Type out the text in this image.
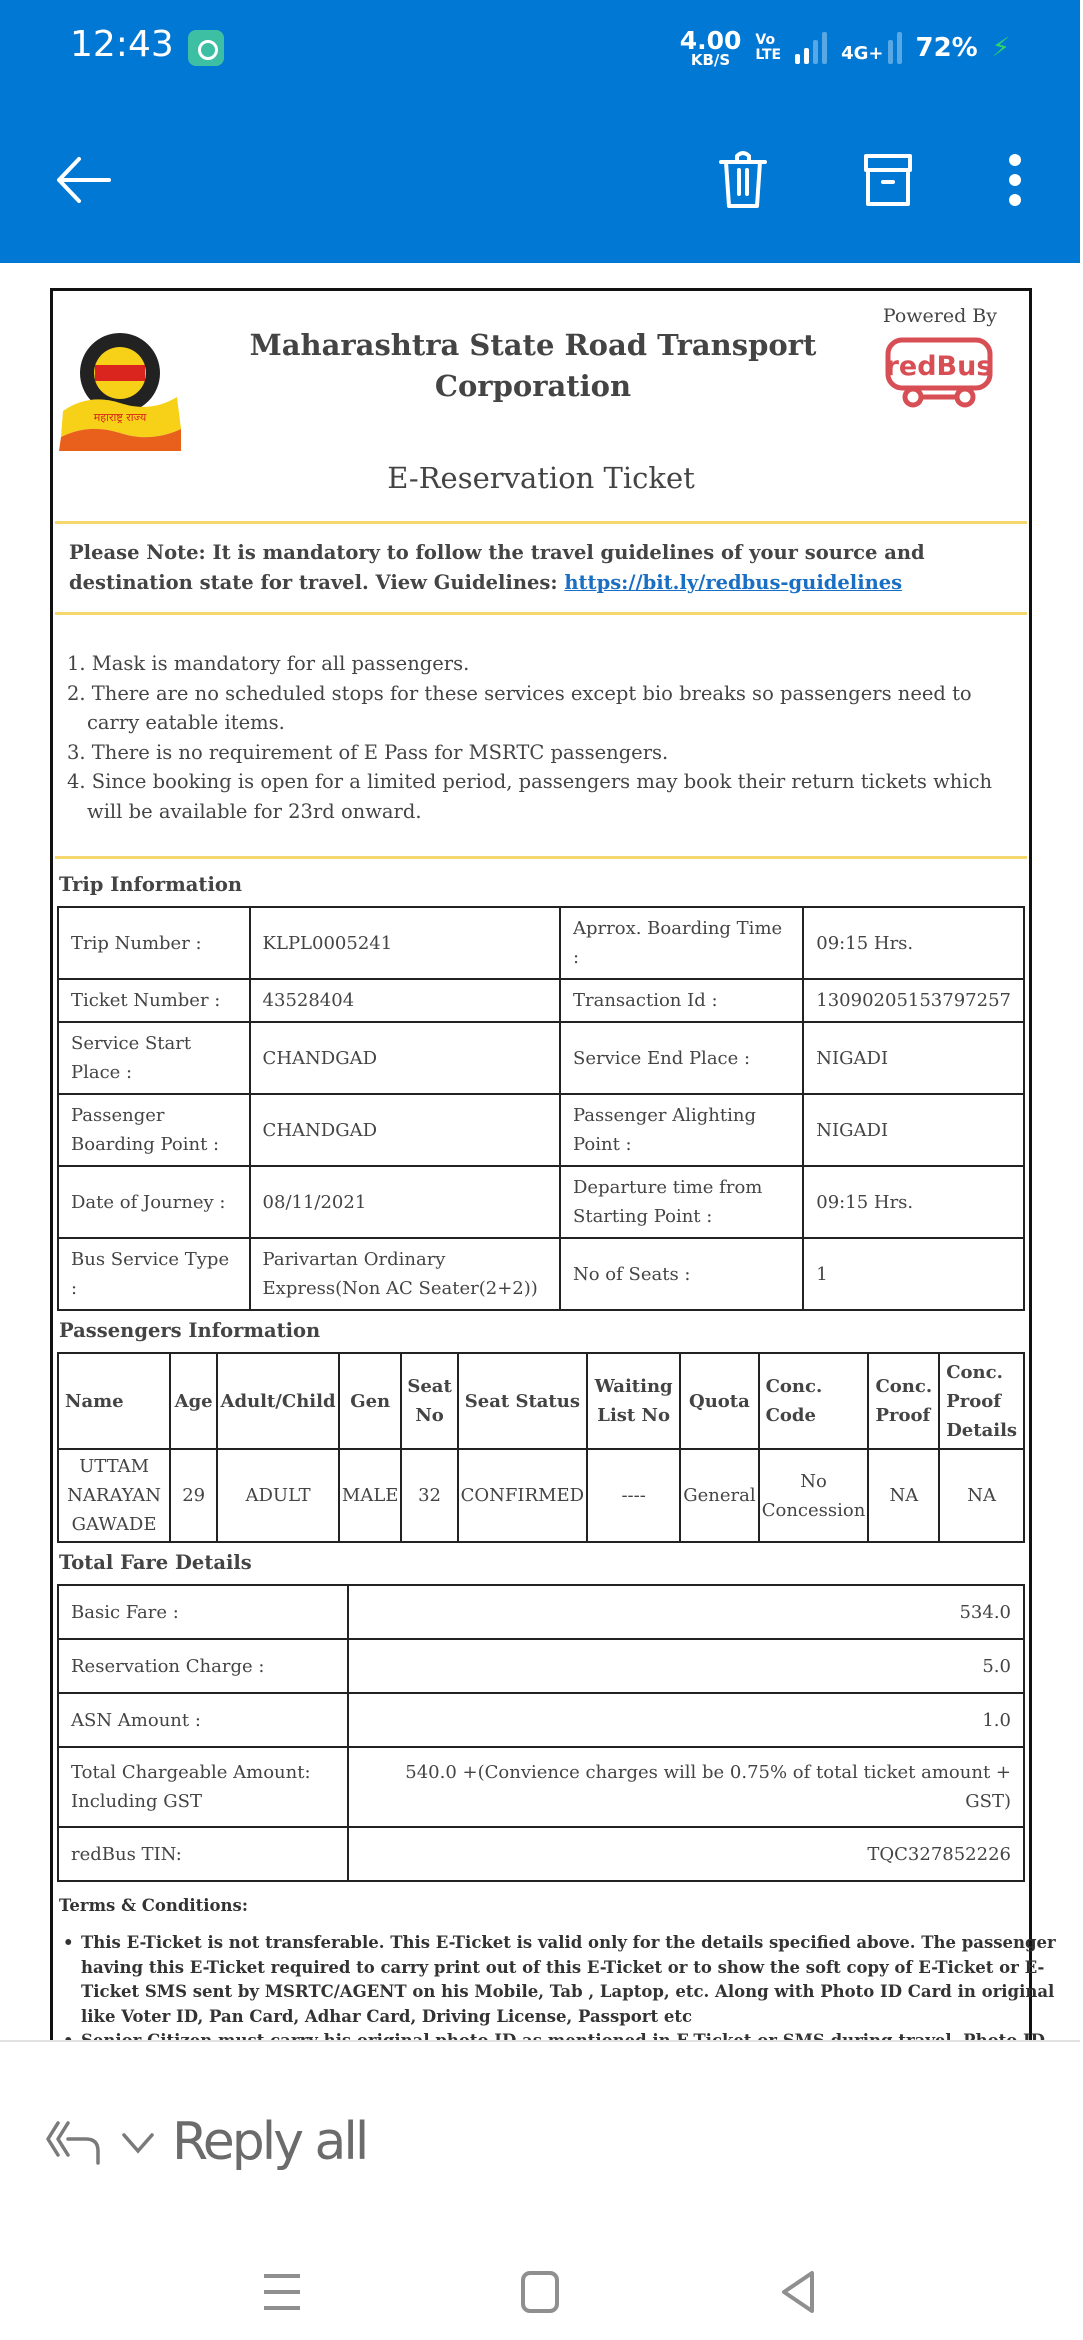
12:43	4.00
KB/S
Vo
LTE	4G+ 72% ⚡
महाराष्ट्र राज्य
Maharashtra State Road Transport Corporation
Powered By
redBus
E-Reservation Ticket
Please Note: It is mandatory to follow the travel guidelines of your source and destination state for travel. View Guidelines: https://bit.ly/redbus-guidelines
1. Mask is mandatory for all passengers.
2. There are no scheduled stops for these services except bio breaks so passengers need to carry eatable items.
3. There is no requirement of E Pass for MSRTC passengers.
4. Since booking is open for a limited period, passengers may book their return tickets which will be available for 23rd onward.
Trip Information
Trip Number :	KLPL0005241	Aprrox. Boarding Time :	09:15 Hrs.
Ticket Number :	43528404	Transaction Id :	13090205153797257
Service Start Place :	CHANDGAD	Service End Place :	NIGADI
Passenger Boarding Point :	CHANDGAD	Passenger Alighting Point :	NIGADI
Date of Journey :	08/11/2021	Departure time from Starting Point :	09:15 Hrs.
Bus Service Type :	Parivartan Ordinary Express(Non AC Seater(2+2))	No of Seats :	1
Passengers Information
Name	Age	Adult/Child	Gen	Seat No	Seat Status	Waiting List No	Quota	Conc. Code	Conc. Proof	Conc. Proof Details
UTTAM NARAYAN GAWADE	29	ADULT	MALE	32	CONFIRMED	----	General	No Concession	NA	NA
Total Fare Details
Basic Fare :	534.0
Reservation Charge :	5.0
ASN Amount :	1.0
Total Chargeable Amount: Including GST	540.0 +(Convience charges will be 0.75% of total ticket amount + GST)
redBus TIN:	TQC327852226
Terms & Conditions:
• This E-Ticket is not transferable. This E-Ticket is valid only for the details specified above. The passenger having this E-Ticket required to carry print out of this E-Ticket or to show the soft copy of E-Ticket or E-Ticket SMS sent by MSRTC/AGENT on his Mobile, Tab , Laptop, etc. Along with Photo ID Card in original like Voter ID, Pan Card, Adhar Card, Driving License, Passport etc
•
Reply all
